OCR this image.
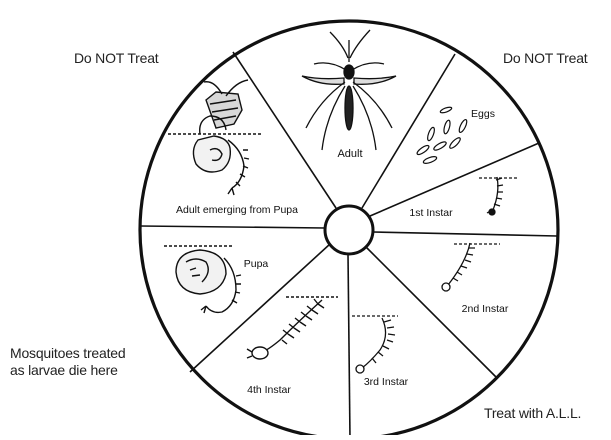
Adult
Eggs
1st Instar
2nd Instar
3rd Instar
4th Instar
Pupa
Adult emerging from Pupa
Do NOT Treat	Do NOT Treat
Mosquitoes treated
as larvae die here
Treat with A.L.L.
